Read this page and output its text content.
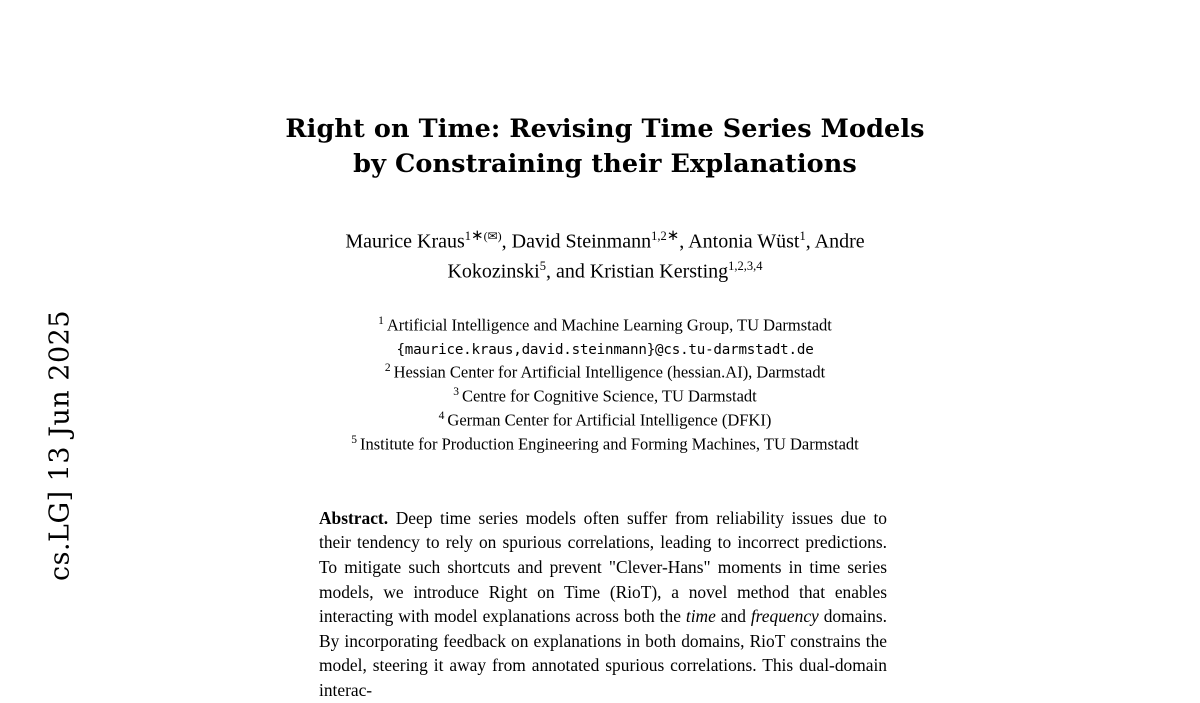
cs.LG] 13 Jun 2025
Right on Time: Revising Time Series Models by Constraining their Explanations
Maurice Kraus$^{1∗(✉)}$, David Steinmann$^{1,2∗}$, Antonia Wüst$^1$, Andre
Kokozinski$^5$, and Kristian Kersting$^{1,2,3,4}$
$^1$ Artificial Intelligence and Machine Learning Group, TU Darmstadt
{maurice.kraus,david.steinmann}@cs.tu-darmstadt.de
$^2$ Hessian Center for Artificial Intelligence (hessian.AI), Darmstadt
$^3$ Centre for Cognitive Science, TU Darmstadt
$^4$ German Center for Artificial Intelligence (DFKI)
$^5$ Institute for Production Engineering and Forming Machines, TU Darmstadt
Abstract. Deep time series models often suffer from reliability issues due to their tendency to rely on spurious correlations, leading to incorrect predictions. To mitigate such shortcuts and prevent "Clever-Hans" moments in time series models, we introduce Right on Time (RioT), a novel method that enables interacting with model explanations across both the time and frequency domains. By incorporating feedback on explanations in both domains, RioT constrains the model, steering it away from annotated spurious correlations. This dual-domain interac-
